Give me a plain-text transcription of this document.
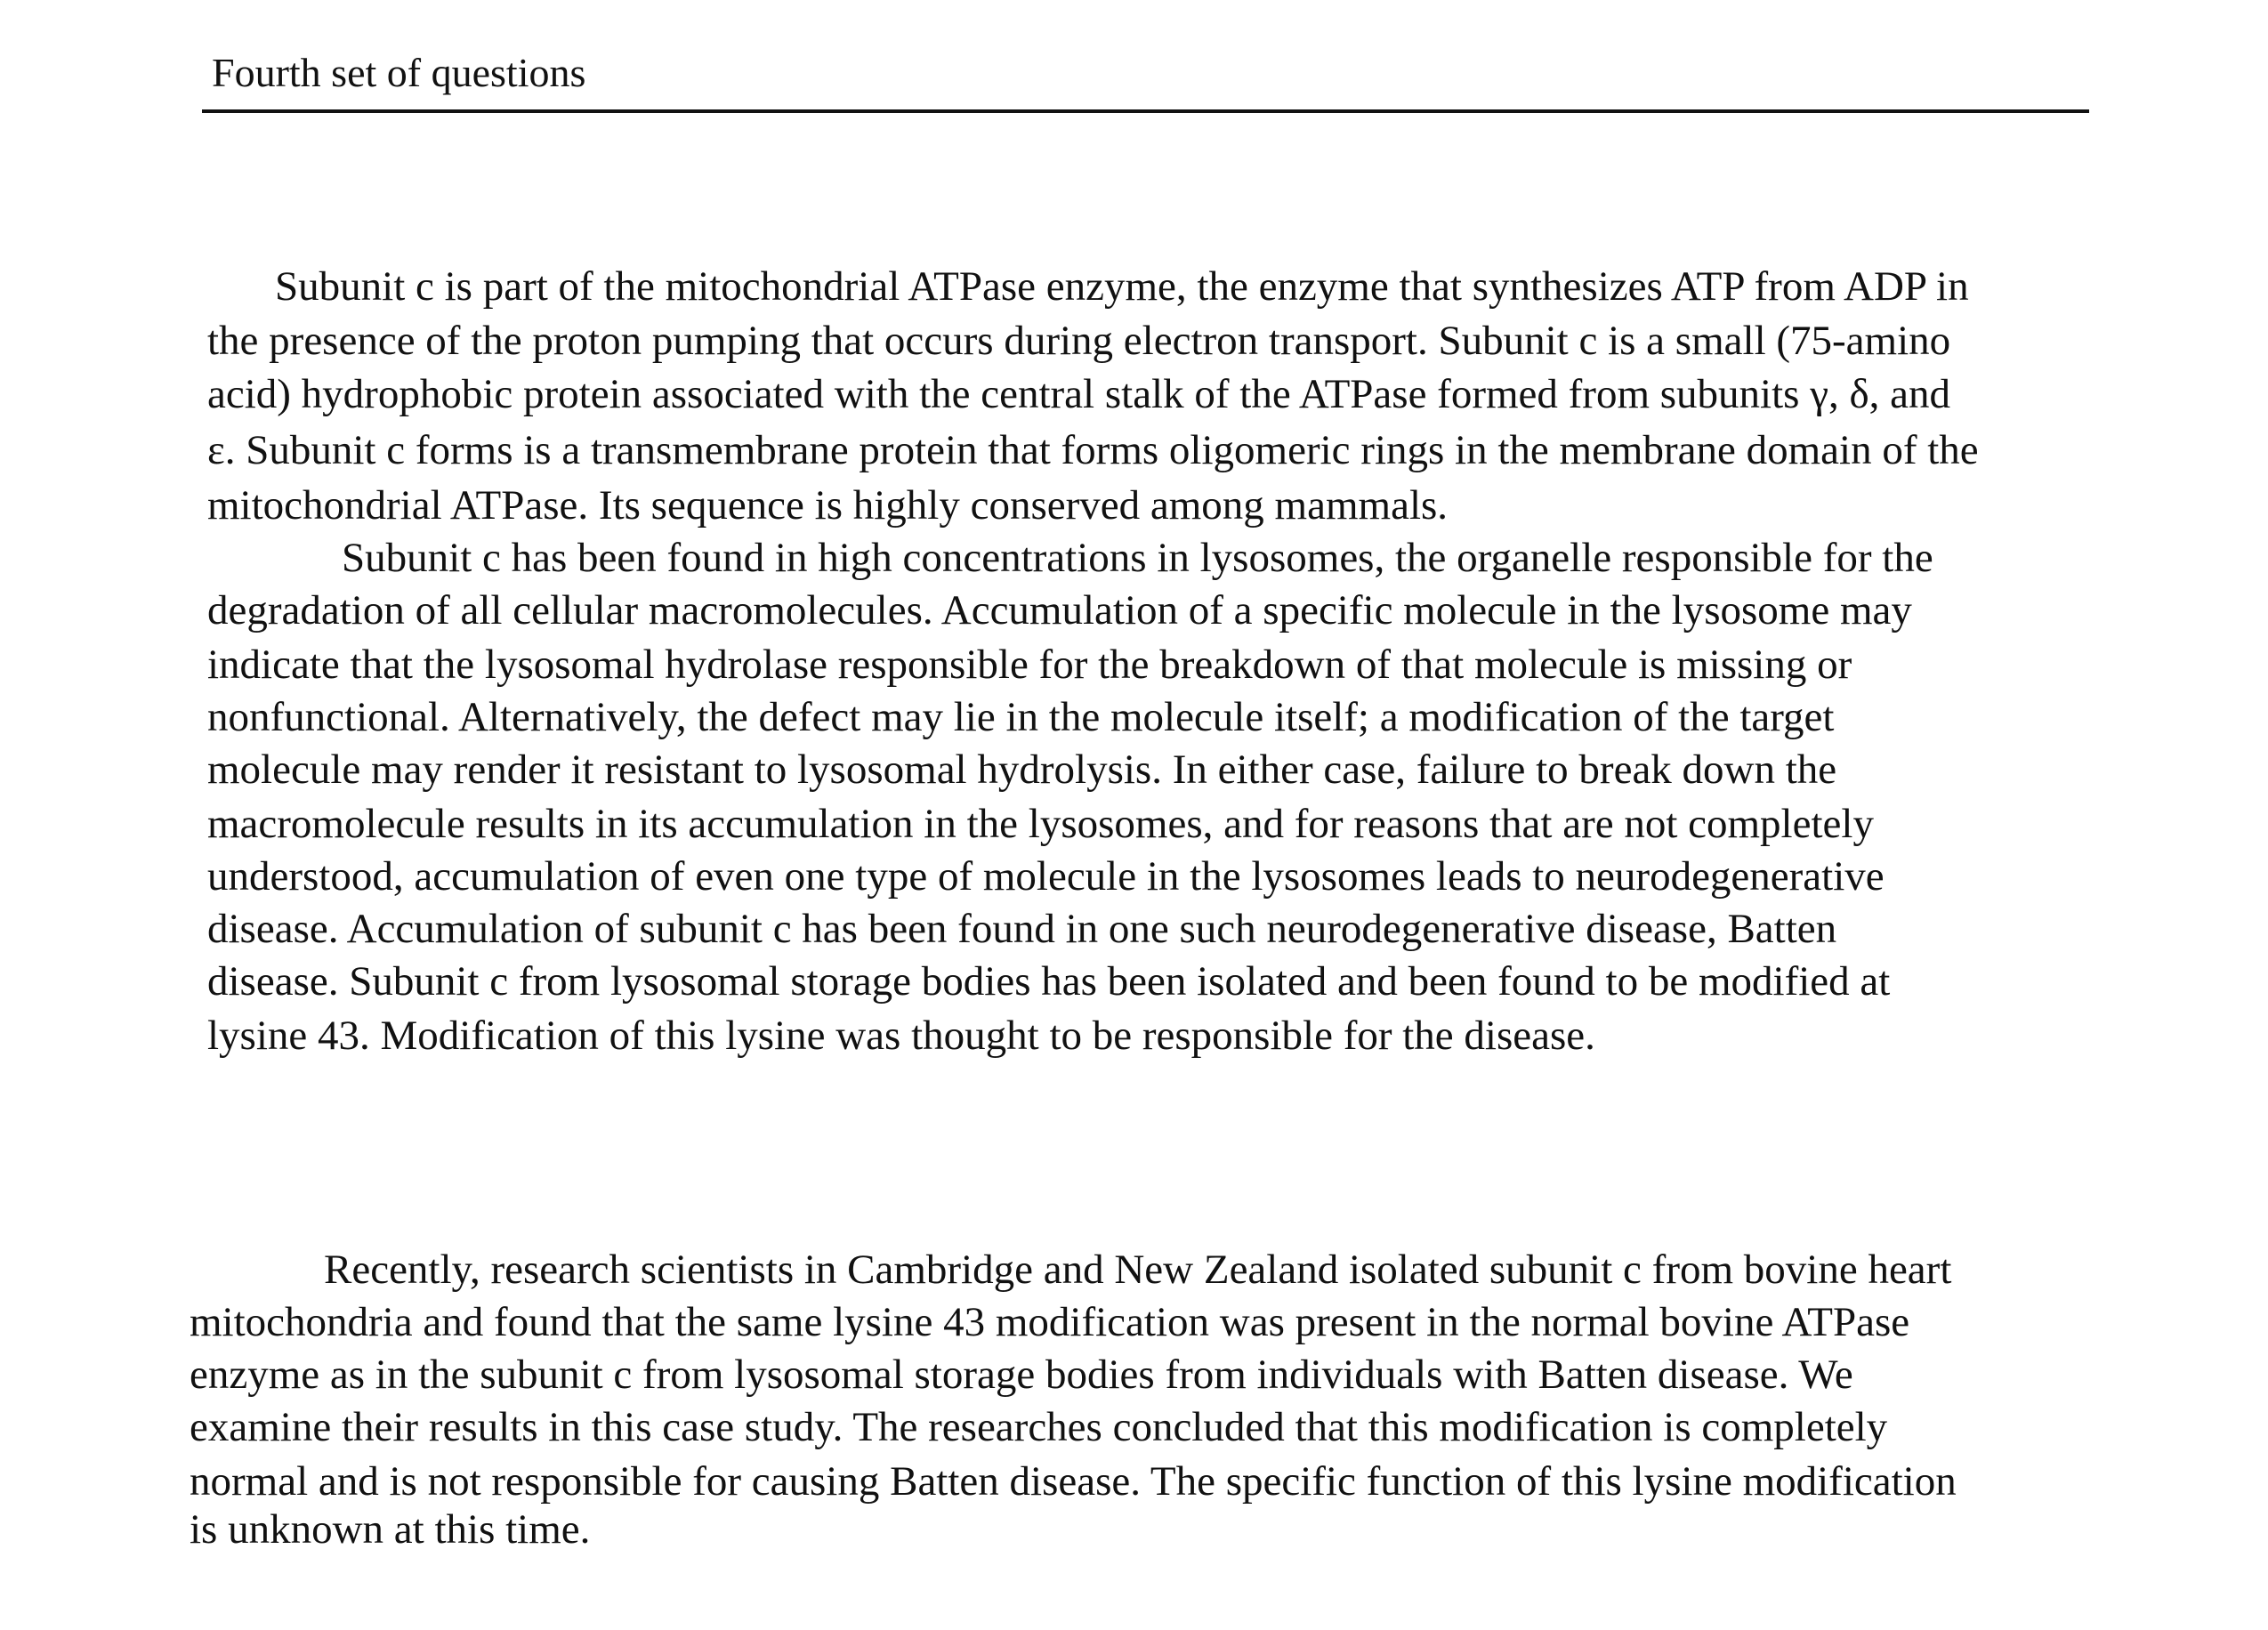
Fourth set of questions
Subunit c is part of the mitochondrial ATPase enzyme, the enzyme that synthesizes ATP from ADP in
the presence of the proton pumping that occurs during electron transport. Subunit c is a small (75-amino
acid) hydrophobic protein associated with the central stalk of the ATPase formed from subunits γ, δ, and
ε. Subunit c forms is a transmembrane protein that forms oligomeric rings in the membrane domain of the
mitochondrial ATPase. Its sequence is highly conserved among mammals.
Subunit c has been found in high concentrations in lysosomes, the organelle responsible for the
degradation of all cellular macromolecules. Accumulation of a specific molecule in the lysosome may
indicate that the lysosomal hydrolase responsible for the breakdown of that molecule is missing or
nonfunctional. Alternatively, the defect may lie in the molecule itself; a modification of the target
molecule may render it resistant to lysosomal hydrolysis. In either case, failure to break down the
macromolecule results in its accumulation in the lysosomes, and for reasons that are not completely
understood, accumulation of even one type of molecule in the lysosomes leads to neurodegenerative
disease. Accumulation of subunit c has been found in one such neurodegenerative disease, Batten
disease. Subunit c from lysosomal storage bodies has been isolated and been found to be modified at
lysine 43. Modification of this lysine was thought to be responsible for the disease.
Recently, research scientists in Cambridge and New Zealand isolated subunit c from bovine heart
mitochondria and found that the same lysine 43 modification was present in the normal bovine ATPase
enzyme as in the subunit c from lysosomal storage bodies from individuals with Batten disease. We
examine their results in this case study. The researches concluded that this modification is completely
normal and is not responsible for causing Batten disease. The specific function of this lysine modification
is unknown at this time.
